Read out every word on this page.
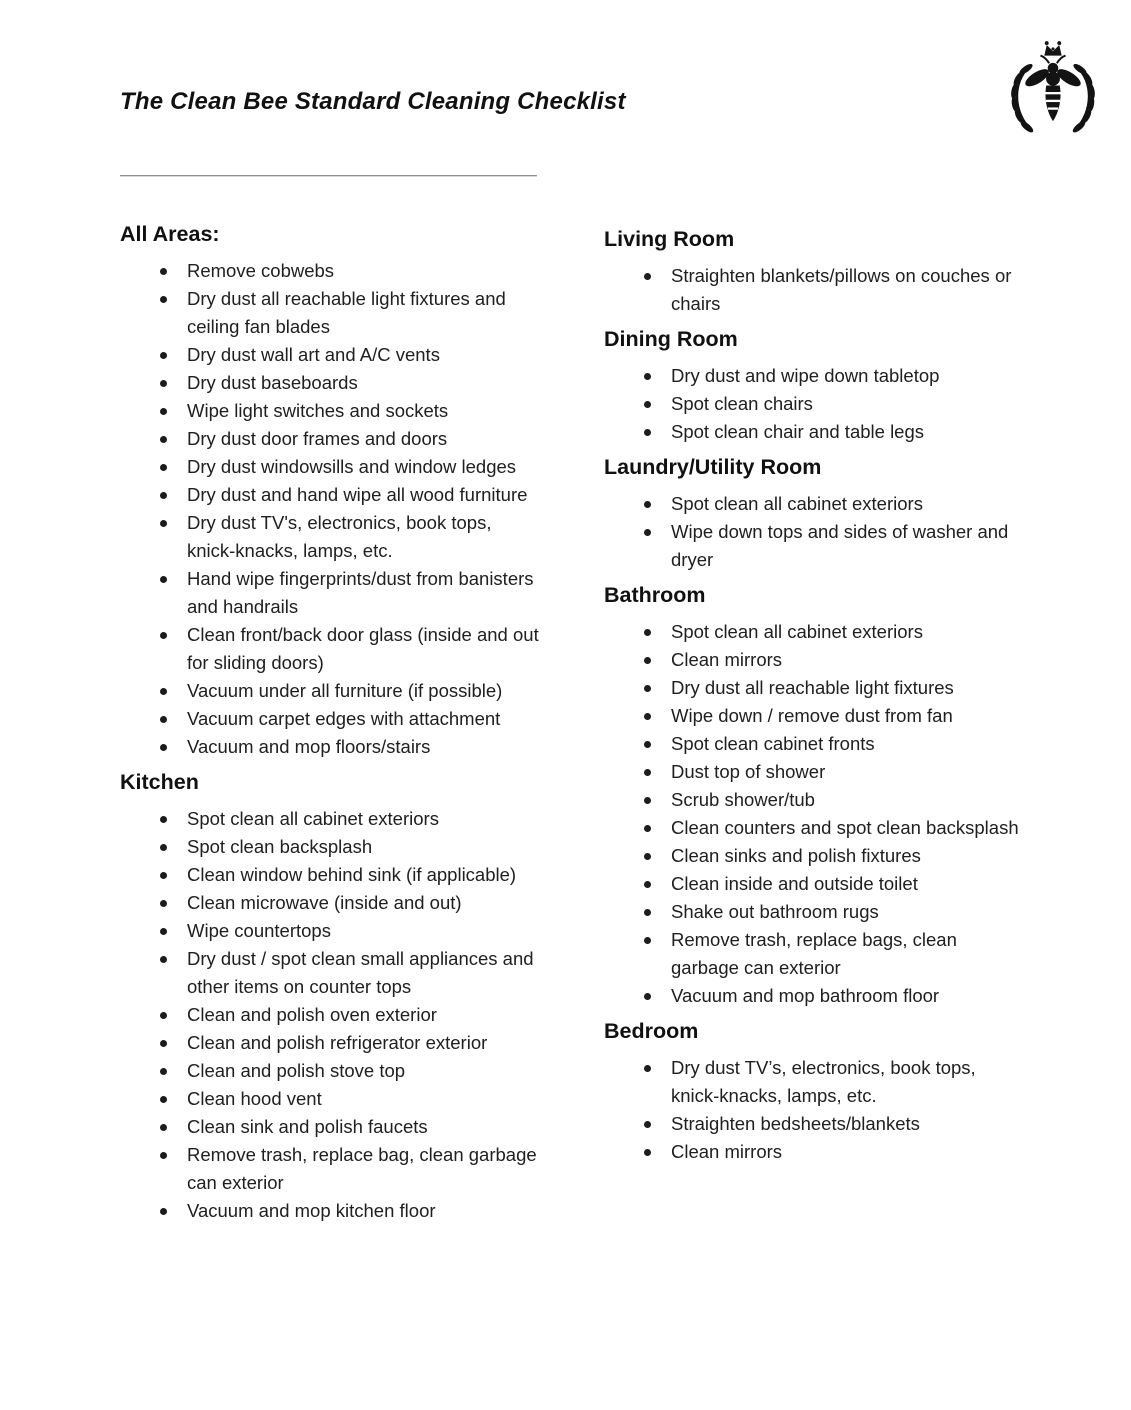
The Clean Bee Standard Cleaning Checklist
All Areas:
Remove cobwebs
Dry dust all reachable light fixtures and ceiling fan blades
Dry dust wall art and A/C vents
Dry dust baseboards
Wipe light switches and sockets
Dry dust door frames and doors
Dry dust windowsills and window ledges
Dry dust and hand wipe all wood furniture
Dry dust TV's, electronics, book tops, knick-knacks, lamps, etc.
Hand wipe fingerprints/dust from banisters and handrails
Clean front/back door glass (inside and out for sliding doors)
Vacuum under all furniture (if possible)
Vacuum carpet edges with attachment
Vacuum and mop floors/stairs
Kitchen
Spot clean all cabinet exteriors
Spot clean backsplash
Clean window behind sink (if applicable)
Clean microwave (inside and out)
Wipe countertops
Dry dust / spot clean small appliances and other items on counter tops
Clean and polish oven exterior
Clean and polish refrigerator exterior
Clean and polish stove top
Clean hood vent
Clean sink and polish faucets
Remove trash, replace bag, clean garbage can exterior
Vacuum and mop kitchen floor
Living Room
Straighten blankets/pillows on couches or chairs
Dining Room
Dry dust and wipe down tabletop
Spot clean chairs
Spot clean chair and table legs
Laundry/Utility Room
Spot clean all cabinet exteriors
Wipe down tops and sides of washer and dryer
Bathroom
Spot clean all cabinet exteriors
Clean mirrors
Dry dust all reachable light fixtures
Wipe down / remove dust from fan
Spot clean cabinet fronts
Dust top of shower
Scrub shower/tub
Clean counters and spot clean backsplash
Clean sinks and polish fixtures
Clean inside and outside toilet
Shake out bathroom rugs
Remove trash, replace bags, clean garbage can exterior
Vacuum and mop bathroom floor
Bedroom
Dry dust TV’s, electronics, book tops, knick-knacks, lamps, etc.
Straighten bedsheets/blankets
Clean mirrors
